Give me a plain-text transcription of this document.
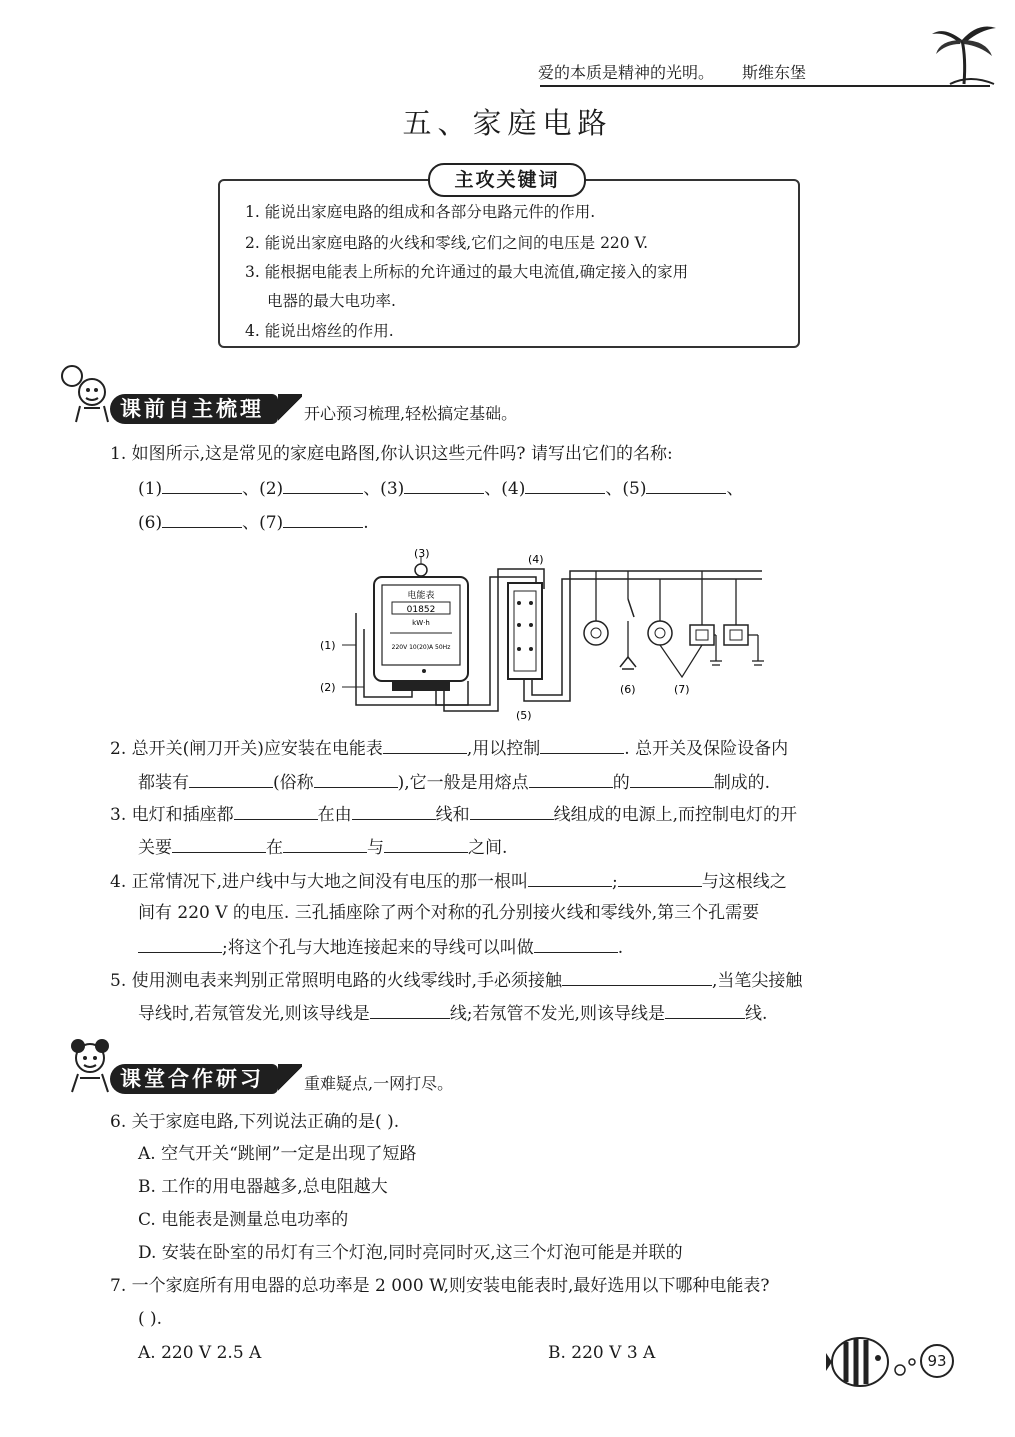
爱的本质是精神的光明。 斯维东堡
五、家庭电路
主攻关键词
1. 能说出家庭电路的组成和各部分电路元件的作用.
2. 能说出家庭电路的火线和零线,它们之间的电压是 220 V.
3. 能根据电能表上所标的允许通过的最大电流值,确定接入的家用
电器的最大电功率.
4. 能说出熔丝的作用.
课前自主梳理	开心预习梳理,轻松搞定基础。
1. 如图所示,这是常见的家庭电路图,你认识这些元件吗? 请写出它们的名称:
(1)	、(2)	、(3)	、(4)	、(5)	、
(6)	、(7)	.
电能表
01852
kW·h
220V 10(20)A 50Hz
(1)
(2)
(3)	(4)
(5)
(6)	(7)
2. 总开关(闸刀开关)应安装在电能表	,用以控制	. 总开关及保险设备内
都装有	(俗称	),它一般是用熔点	的	制成的.
3. 电灯和插座都	在由	线和	线组成的电源上,而控制电灯的开
关要	在	与	之间.
4. 正常情况下,进户线中与大地之间没有电压的那一根叫	;	与这根线之
间有 220 V 的电压. 三孔插座除了两个对称的孔分别接火线和零线外,第三个孔需要
;将这个孔与大地连接起来的导线可以叫做	.
5. 使用测电表来判别正常照明电路的火线零线时,手必须接触	,当笔尖接触
导线时,若氖管发光,则该导线是	线;若氖管不发光,则该导线是	线.
课堂合作研习	重难疑点,一网打尽。
6. 关于家庭电路,下列说法正确的是( ).
A. 空气开关“跳闸”一定是出现了短路
B. 工作的用电器越多,总电阻越大
C. 电能表是测量总电功率的
D. 安装在卧室的吊灯有三个灯泡,同时亮同时灭,这三个灯泡可能是并联的
7. 一个家庭所有用电器的总功率是 2 000 W,则安装电能表时,最好选用以下哪种电能表?
( ).
A. 220 V 2.5 A	B. 220 V 3 A	93
